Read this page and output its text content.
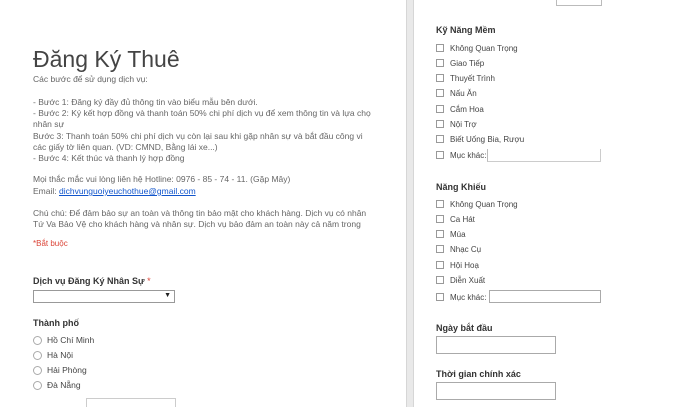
Đăng Ký Thuê
Các bước để sử dụng dịch vụ:
- Bước 1: Đăng ký đầy đủ thông tin vào biểu mẫu bên dưới.
- Bước 2: Ký kết hợp đồng và thanh toán 50% chi phí dịch vụ để xem thông tin và lựa chọ
nhân sự
Bước 3: Thanh toán 50% chi phí dịch vụ còn lại sau khi gặp nhân sự và bắt đầu công vi
các giấy tờ liên quan. (VD: CMND, Bằng lái xe...)
- Bước 4: Kết thúc và thanh lý hợp đồng
Mọi thắc mắc vui lòng liên hệ Hotline: 0976 - 85 - 74 - 11. (Gặp Mây)
Email: dichvunguoiyeuchothue@gmail.com
Chú chú: Để đảm bảo sự an toàn và thông tin bảo mật cho khách hàng. Dịch vụ có nhân
Tứ Va Bảo Vệ cho khách hàng và nhân sự. Dịch vụ bảo đảm an toàn này cả năm trong
*Bắt buộc
Dịch vụ Đăng Ký Nhân Sự *
▼
Thành phố
Hồ Chí Minh
Hà Nội
Hải Phòng
Đà Nẵng
Kỹ Năng Mềm
Không Quan Trọng
Giao Tiếp
Thuyết Trình
Nấu Ăn
Cắm Hoa
Nội Trợ
Biết Uống Bia, Rượu
Mục khác:
Năng Khiếu
Không Quan Trọng
Ca Hát
Múa
Nhạc Cụ
Hội Hoạ
Diễn Xuất
Mục khác:
Ngày bắt đầu
Thời gian chính xác
